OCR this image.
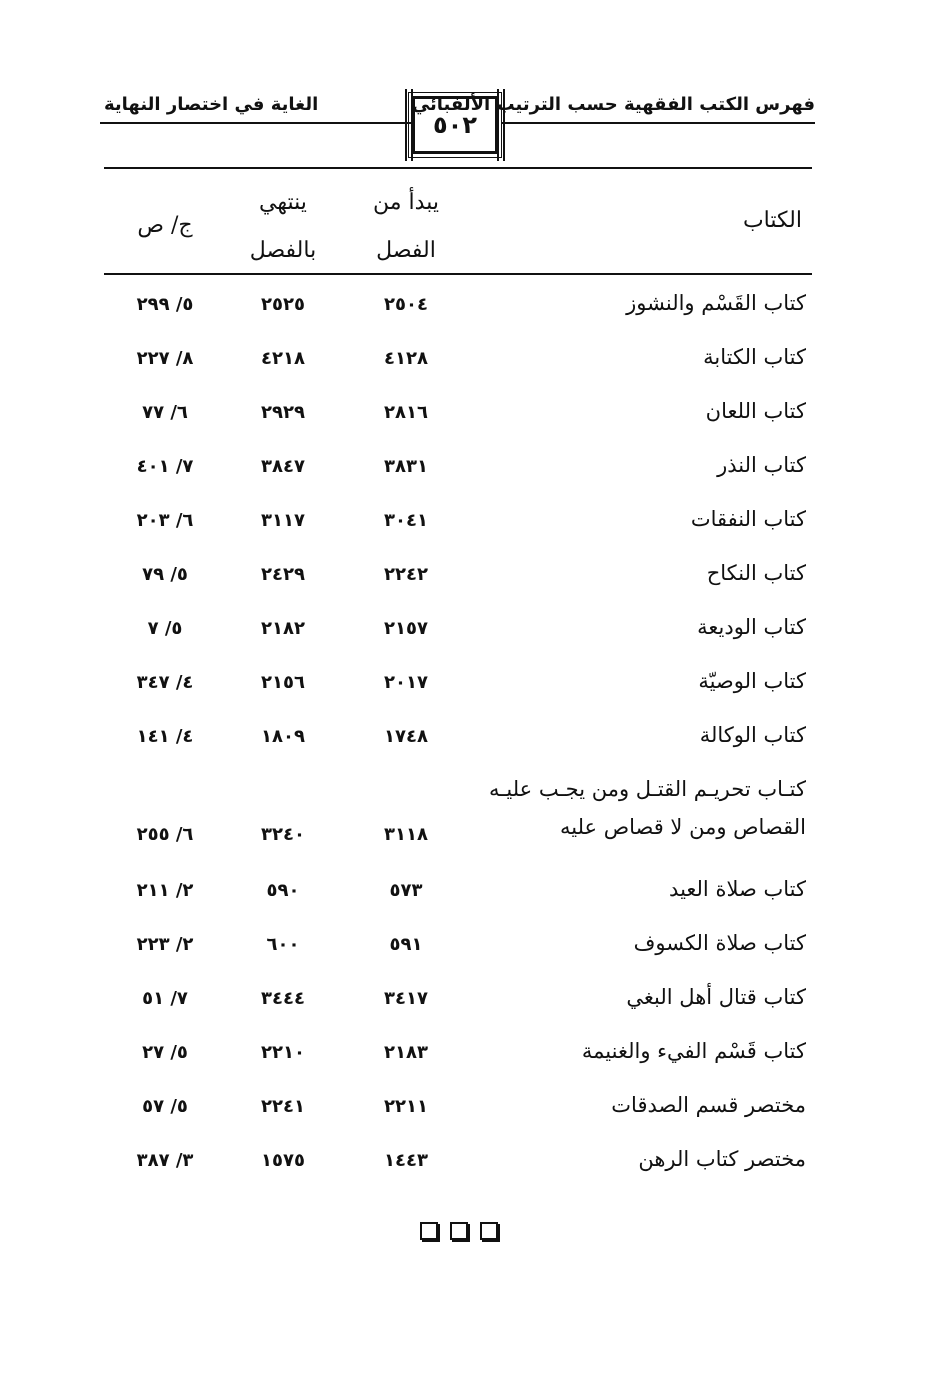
فهرس الكتب الفقهية حسب الترتيب الألفبائي
الغاية في اختصار النهاية
٥٠٢
الكتاب
يبدأ من
الفصل
ينتهي
بالفصل
ج/ ص
كتاب القَسْم والنشوز
٢٥٠٤
٢٥٢٥
٥/ ٢٩٩
كتاب الكتابة
٤١٢٨
٤٢١٨
٨/ ٢٢٧
كتاب اللعان
٢٨١٦
٢٩٢٩
٦/ ٧٧
كتاب النذر
٣٨٣١
٣٨٤٧
٧/ ٤٠١
كتاب النفقات
٣٠٤١
٣١١٧
٦/ ٢٠٣
كتاب النكاح
٢٢٤٢
٢٤٢٩
٥/ ٧٩
كتاب الوديعة
٢١٥٧
٢١٨٢
٥/ ٧
كتاب الوصيّة
٢٠١٧
٢١٥٦
٤/ ٣٤٧
كتاب الوكالة
١٧٤٨
١٨٠٩
٤/ ١٤١
كتـاب تحريـم القتـل ومن يجـب عليـه
القصاص ومن لا قصاص عليه
٣١١٨
٣٢٤٠
٦/ ٢٥٥
كتاب صلاة العيد
٥٧٣
٥٩٠
٢/ ٢١١
كتاب صلاة الكسوف
٥٩١
٦٠٠
٢/ ٢٢٣
كتاب قتال أهل البغي
٣٤١٧
٣٤٤٤
٧/ ٥١
كتاب قَسْم الفيء والغنيمة
٢١٨٣
٢٢١٠
٥/ ٢٧
مختصر قسم الصدقات
٢٢١١
٢٢٤١
٥/ ٥٧
مختصر كتاب الرهن
١٤٤٣
١٥٧٥
٣/ ٣٨٧
